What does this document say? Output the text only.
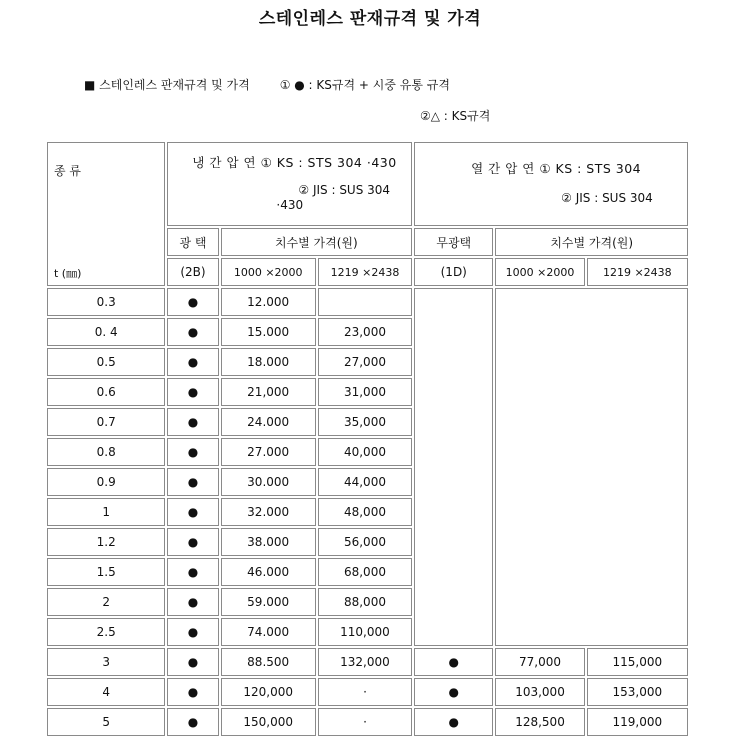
스테인레스 판재규격 및 가격
■ 스테인레스 판재규격 및 가격	① ● : KS규격 + 시중 유통 규격
②△ : KS규격
종 류
t (㎜)	냉 간 압 연 ① KS : STS 304 ·430
② JIS : SUS 304
·430			열 간 압 연 ① KS : STS 304
② JIS : SUS 304		

	광 택	치수별 가격(원)		무광택	치수별 가격(원)	
	(2B)	1000 ×2000	1219 ×2438	(1D)	1000 ×2000	1219 ×2438
0.3	●	12.000				
0. 4	●	15.000	23,000			
0.5	●	18.000	27,000			
0.6	●	21,000	31,000			
0.7	●	24.000	35,000			
0.8	●	27.000	40,000			
0.9	●	30.000	44,000			
1	●	32.000	48,000			
1.2	●	38.000	56,000			
1.5	●	46.000	68,000			
2	●	59.000	88,000			
2.5	●	74.000	110,000			
3	●	88.500	132,000	●	77,000	115,000
4	●	120,000	·	●	103,000	153,000
5	●	150,000	·	●	128,500	119,000
